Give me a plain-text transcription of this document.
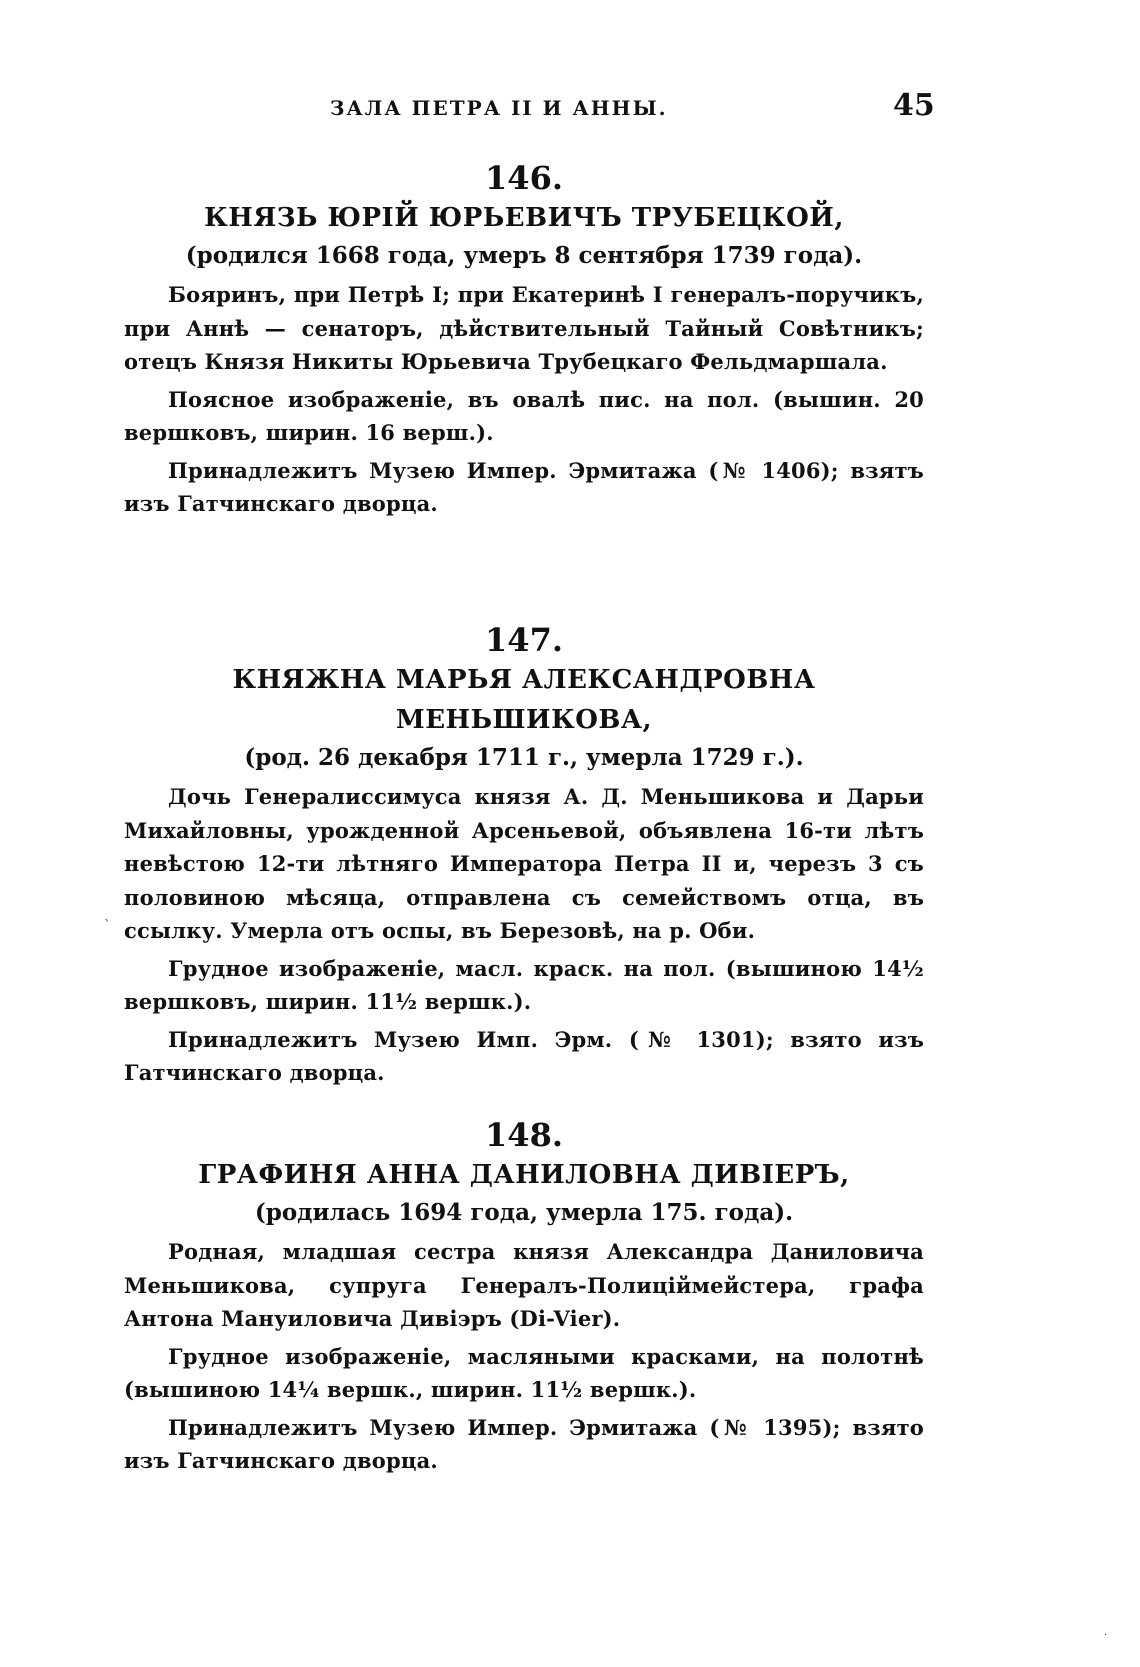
ЗАЛА ПЕТРА II И АННЫ.	45
146.
КНЯЗЬ ЮРІЙ ЮРЬЕВИЧЪ ТРУБЕЦКОЙ,
(родился 1668 года, умеръ 8 сентября 1739 года).

Бояринъ, при Петрѣ I; при Екатеринѣ I генералъ-поручикъ, при Аннѣ — сенаторъ, дѣйствительный Тайный Совѣтникъ; отецъ Князя Никиты Юрьевича Трубецкаго Фельдмаршала.

Поясное изображеніе, въ овалѣ пис. на пол. (вышин. 20 вершковъ, ширин. 16 верш.).

Принадлежитъ Музею Импер. Эрмитажа (№ 1406); взятъ изъ Гатчинскаго дворца.

147.
КНЯЖНА МАРЬЯ АЛЕКСАНДРОВНА МЕНЬШИКОВА,
(род. 26 декабря 1711 г., умерла 1729 г.).

Дочь Генералиссимуса князя А. Д. Меньшикова и Дарьи Михайловны, урожденной Арсеньевой, объявлена 16-ти лѣтъ невѣстою 12-ти лѣтняго Императора Петра II и, черезъ 3 съ половиною мѣсяца, отправлена съ семействомъ отца, въ ссылку. Умерла отъ оспы, въ Березовѣ, на р. Оби.

Грудное изображеніе, масл. краск. на пол. (вышиною 14½ вершковъ, ширин. 11½ вершк.).

Принадлежитъ Музею Имп. Эрм. (№ 1301); взято изъ Гатчинскаго дворца.

148.
ГРАФИНЯ АННА ДАНИЛОВНА ДИВІЕРЪ,
(родилась 1694 года, умерла 175. года).

Родная, младшая сестра князя Александра Даниловича Меньшикова, супруга Генералъ-Полицiймейстера, графа Антона Мануиловича Дивіэръ (Di-Vier).

Грудное изображеніе, масляными красками, на полотнѣ (вышиною 14¼ вершк., ширин. 11½ вершк.).

Принадлежитъ Музею Импер. Эрмитажа (№ 1395); взято изъ Гатчинскаго дворца.

ˋ
·
